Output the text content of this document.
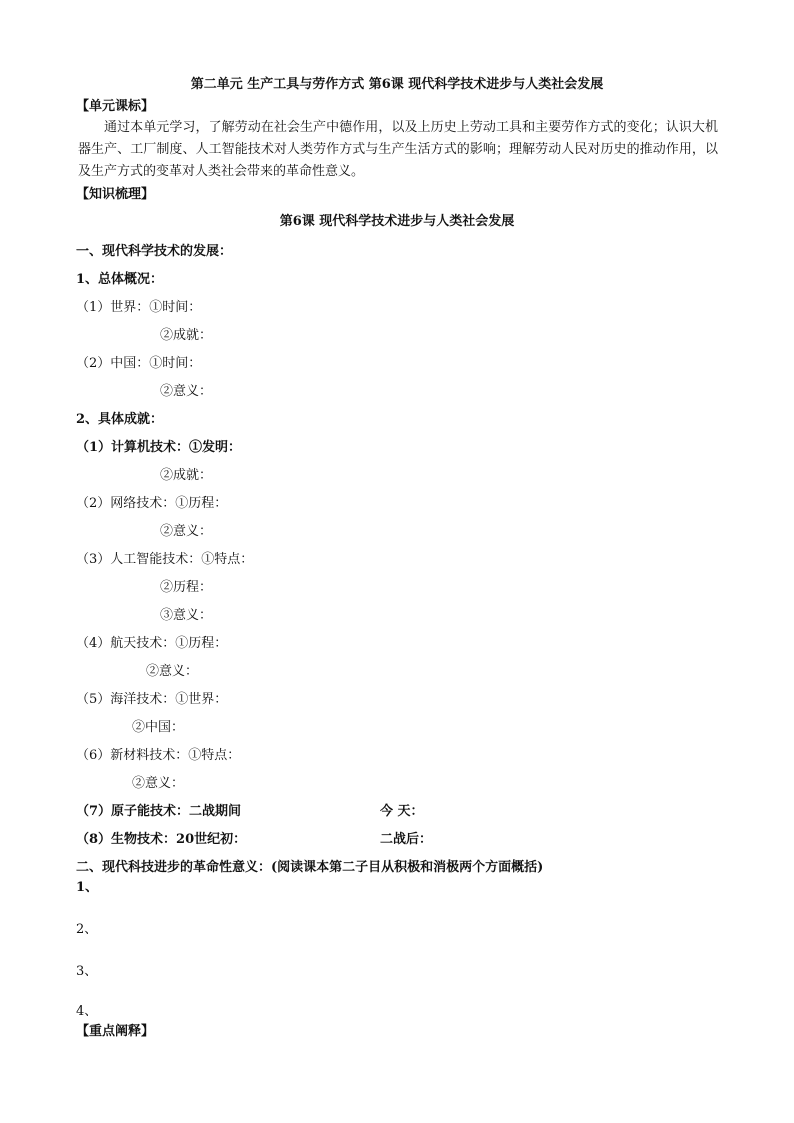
第二单元 生产工具与劳作方式 第6课 现代科学技术进步与人类社会发展
【单元课标】
通过本单元学习，了解劳动在社会生产中德作用，以及上历史上劳动工具和主要劳作方式的变化；认识大机器生产、工厂制度、人工智能技术对人类劳作方式与生产生活方式的影响；理解劳动人民对历史的推动作用，以及生产方式的变革对人类社会带来的革命性意义。
【知识梳理】
第6课 现代科学技术进步与人类社会发展
一、现代科学技术的发展：
1、总体概况：
（1）世界：①时间：
②成就：
（2）中国：①时间：
②意义：
2、具体成就：
（1）计算机技术：①发明：
②成就：
（2）网络技术：①历程：
②意义：
（3）人工智能技术：①特点：
②历程：
③意义：
（4）航天技术：①历程：
②意义：
（5）海洋技术：①世界：
②中国：
（6）新材料技术：①特点：
②意义：
（7）原子能技术：二战期间	今 天：
（8）生物技术：20世纪初：	二战后：
二、现代科技进步的革命性意义：(阅读课本第二子目从积极和消极两个方面概括)
1、
2、
3、
4、
【重点阐释】
